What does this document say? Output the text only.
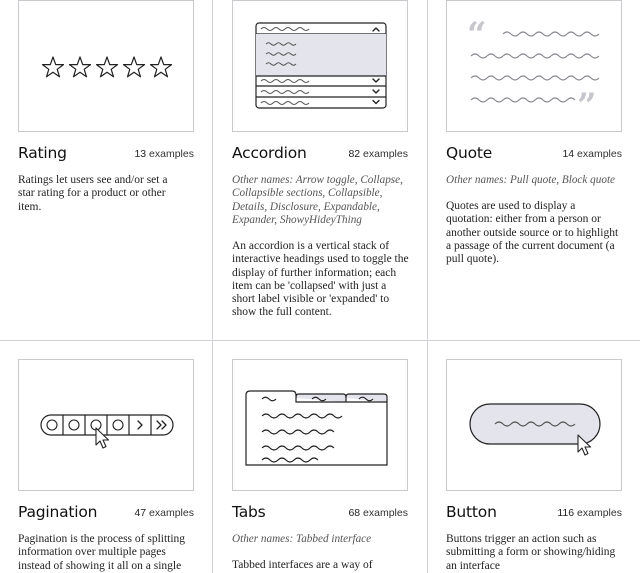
Rating	13 examples
Ratings let users see and/or set a star rating for a product or other item.
Accordion	82 examples
Other names: Arrow toggle, Collapse, Collapsible sections, Collapsible, Details, Disclosure, Expandable, Expander, ShowyHideyThing
An accordion is a vertical stack of interactive headings used to toggle the display of further information; each item can be 'collapsed' with just a short label visible or 'expanded' to show the full content.
“
”
Quote	14 examples
Other names: Pull quote, Block quote
Quotes are used to display a quotation: either from a person or another outside source or to highlight a passage of the current document (a pull quote).
Pagination	47 examples
Pagination is the process of splitting information over multiple pages instead of showing it all on a single
Tabs	68 examples
Other names: Tabbed interface
Tabbed interfaces are a way of
Button	116 examples
Buttons trigger an action such as submitting a form or showing/hiding an interface
